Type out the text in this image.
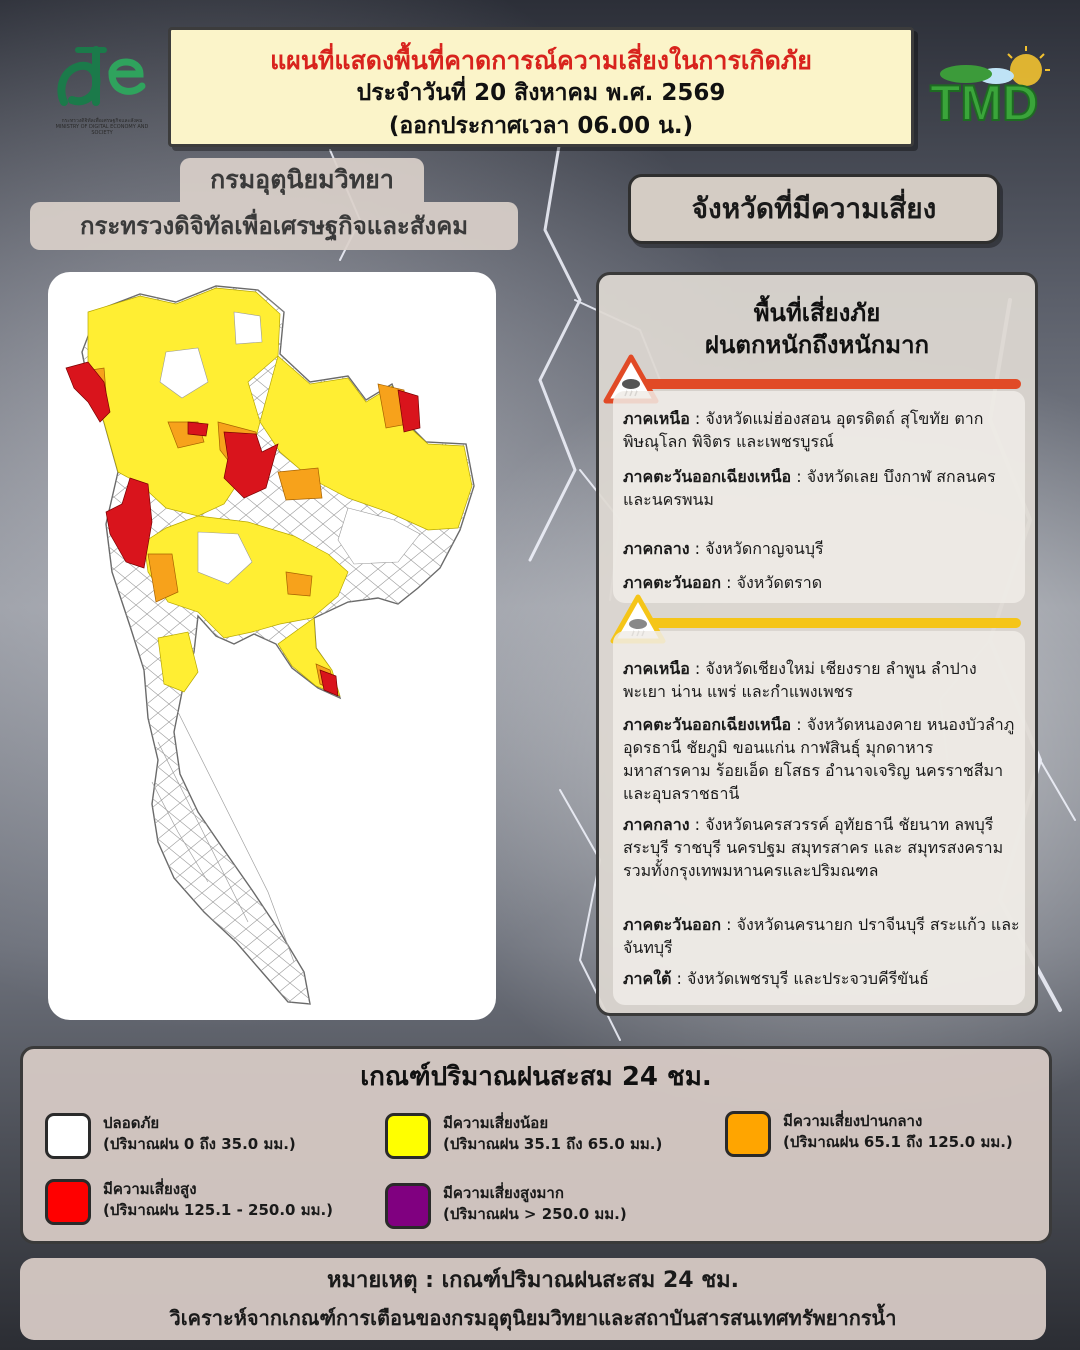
กระทรวงดิจิทัลเพื่อเศรษฐกิจและสังคม MINISTRY OF DIGITAL ECONOMY AND SOCIETY
แผนที่แสดงพื้นที่คาดการณ์ความเสี่ยงในการเกิดภัย
ประจำวันที่ 20 สิงหาคม พ.ศ. 2569
(ออกประกาศเวลา 06.00 น.)	TMD
กรมอุตุนิยมวิทยา
กระทรวงดิจิทัลเพื่อเศรษฐกิจและสังคม
จังหวัดที่มีความเสี่ยง
พื้นที่เสี่ยงภัย
ฝนตกหนักถึงหนักมาก
ภาคเหนือ : จังหวัดแม่ฮ่องสอน อุตรดิตถ์ สุโขทัย ตาก พิษณุโลก พิจิตร และเพชรบูรณ์
ภาคตะวันออกเฉียงเหนือ : จังหวัดเลย บึงกาฬ สกลนคร และนครพนม
ภาคกลาง : จังหวัดกาญจนบุรี
ภาคตะวันออก : จังหวัดตราด
ภาคเหนือ : จังหวัดเชียงใหม่ เชียงราย ลำพูน ลำปาง พะเยา น่าน แพร่ และกำแพงเพชร
ภาคตะวันออกเฉียงเหนือ : จังหวัดหนองคาย หนองบัวลำภู อุดรธานี ชัยภูมิ ขอนแก่น กาฬสินธุ์ มุกดาหาร มหาสารคาม ร้อยเอ็ด ยโสธร อำนาจเจริญ นครราชสีมา และอุบลราชธานี
ภาคกลาง : จังหวัดนครสวรรค์ อุทัยธานี ชัยนาท ลพบุรี สระบุรี ราชบุรี นครปฐม สมุทรสาคร และ สมุทรสงคราม รวมทั้งกรุงเทพมหานครและปริมณฑล
ภาคตะวันออก : จังหวัดนครนายก ปราจีนบุรี สระแก้ว และจันทบุรี
ภาคใต้ : จังหวัดเพชรบุรี และประจวบคีรีขันธ์
เกณฑ์ปริมาณฝนสะสม 24 ชม.
ปลอดภัย
(ปริมาณฝน 0 ถึง 35.0 มม.)
มีความเสี่ยงน้อย
(ปริมาณฝน 35.1 ถึง 65.0 มม.)
มีความเสี่ยงปานกลาง
(ปริมาณฝน 65.1 ถึง 125.0 มม.)
มีความเสี่ยงสูง
(ปริมาณฝน 125.1 - 250.0 มม.)
มีความเสี่ยงสูงมาก
(ปริมาณฝน > 250.0 มม.)
หมายเหตุ : เกณฑ์ปริมาณฝนสะสม 24 ชม.
วิเคราะห์จากเกณฑ์การเตือนของกรมอุตุนิยมวิทยาและสถาบันสารสนเทศทรัพยากรน้ำ
